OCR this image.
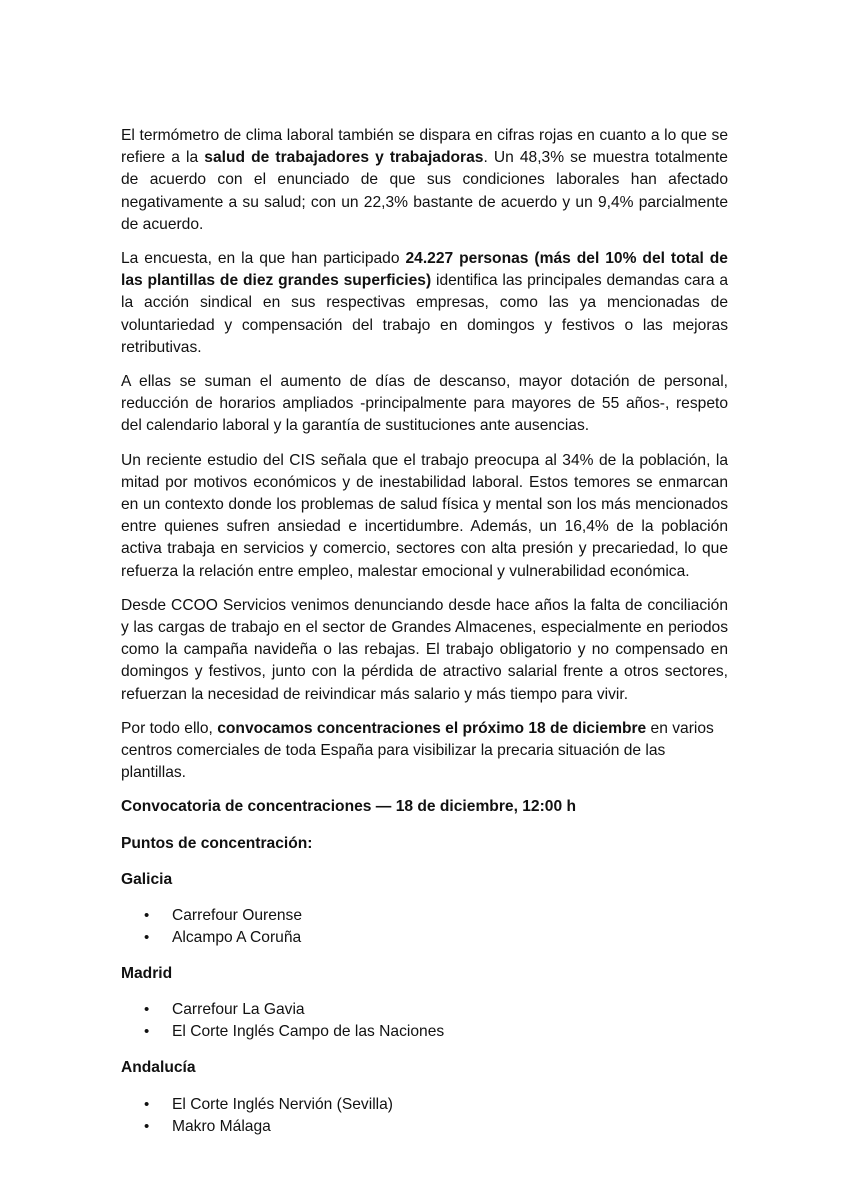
El termómetro de clima laboral también se dispara en cifras rojas en cuanto a lo que se refiere a la salud de trabajadores y trabajadoras. Un 48,3% se muestra totalmente de acuerdo con el enunciado de que sus condiciones laborales han afectado negativamente a su salud; con un 22,3% bastante de acuerdo y un 9,4% parcialmente de acuerdo.

La encuesta, en la que han participado 24.227 personas (más del 10% del total de las plantillas de diez grandes superficies) identifica las principales demandas cara a la acción sindical en sus respectivas empresas, como las ya mencionadas de voluntariedad y compensación del trabajo en domingos y festivos o las mejoras retributivas.

A ellas se suman el aumento de días de descanso, mayor dotación de personal, reducción de horarios ampliados -principalmente para mayores de 55 años-, respeto del calendario laboral y la garantía de sustituciones ante ausencias.

Un reciente estudio del CIS señala que el trabajo preocupa al 34% de la población, la mitad por motivos económicos y de inestabilidad laboral. Estos temores se enmarcan en un contexto donde los problemas de salud física y mental son los más mencionados entre quienes sufren ansiedad e incertidumbre. Además, un 16,4% de la población activa trabaja en servicios y comercio, sectores con alta presión y precariedad, lo que refuerza la relación entre empleo, malestar emocional y vulnerabilidad económica.

Desde CCOO Servicios venimos denunciando desde hace años la falta de conciliación y las cargas de trabajo en el sector de Grandes Almacenes, especialmente en periodos como la campaña navideña o las rebajas. El trabajo obligatorio y no compensado en domingos y festivos, junto con la pérdida de atractivo salarial frente a otros sectores, refuerzan la necesidad de reivindicar más salario y más tiempo para vivir.

Por todo ello, convocamos concentraciones el próximo 18 de diciembre en varios centros comerciales de toda España para visibilizar la precaria situación de las plantillas.

Convocatoria de concentraciones — 18 de diciembre, 12:00 h

Puntos de concentración:

Galicia

• Carrefour Ourense
• Alcampo A Coruña

Madrid

• Carrefour La Gavia
• El Corte Inglés Campo de las Naciones

Andalucía

• El Corte Inglés Nervión (Sevilla)
• Makro Málaga
